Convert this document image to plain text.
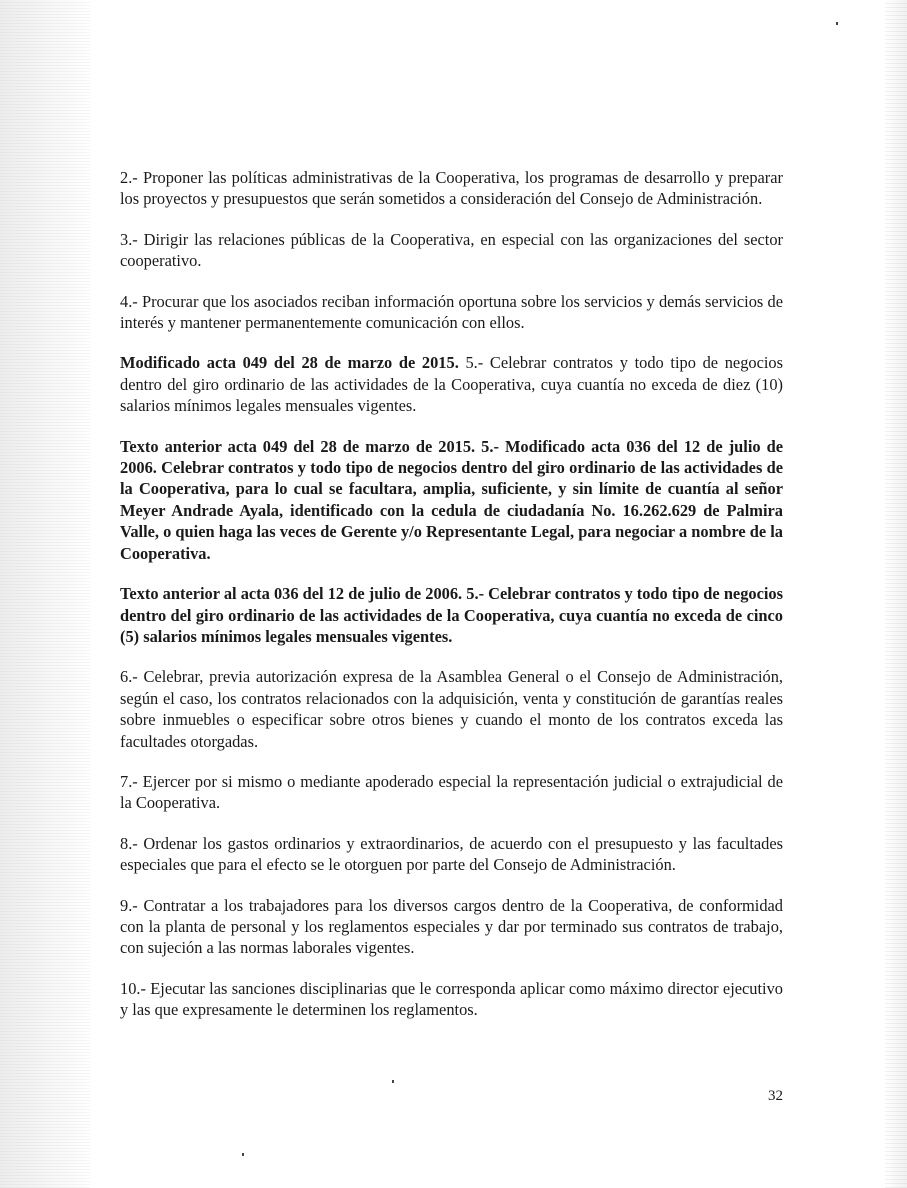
2.- Proponer las políticas administrativas de la Cooperativa, los programas de desarrollo y preparar los proyectos y presupuestos que serán sometidos a consideración del Consejo de Administración.

3.- Dirigir las relaciones públicas de la Cooperativa, en especial con las organizaciones del sector cooperativo.

4.- Procurar que los asociados reciban información oportuna sobre los servicios y demás servicios de interés y mantener permanentemente comunicación con ellos.

Modificado acta 049 del 28 de marzo de 2015. 5.- Celebrar contratos y todo tipo de negocios dentro del giro ordinario de las actividades de la Cooperativa, cuya cuantía no exceda de diez (10) salarios mínimos legales mensuales vigentes.

Texto anterior acta 049 del 28 de marzo de 2015. 5.- Modificado acta 036 del 12 de julio de 2006. Celebrar contratos y todo tipo de negocios dentro del giro ordinario de las actividades de la Cooperativa, para lo cual se facultara, amplia, suficiente, y sin límite de cuantía al señor Meyer Andrade Ayala, identificado con la cedula de ciudadanía No. 16.262.629 de Palmira Valle, o quien haga las veces de Gerente y/o Representante Legal, para negociar a nombre de la Cooperativa.

Texto anterior al acta 036 del 12 de julio de 2006. 5.- Celebrar contratos y todo tipo de negocios dentro del giro ordinario de las actividades de la Cooperativa, cuya cuantía no exceda de cinco (5) salarios mínimos legales mensuales vigentes.

6.- Celebrar, previa autorización expresa de la Asamblea General o el Consejo de Administración, según el caso, los contratos relacionados con la adquisición, venta y constitución de garantías reales sobre inmuebles o especificar sobre otros bienes y cuando el monto de los contratos exceda las facultades otorgadas.

7.- Ejercer por si mismo o mediante apoderado especial la representación judicial o extrajudicial de la Cooperativa.

8.- Ordenar los gastos ordinarios y extraordinarios, de acuerdo con el presupuesto y las facultades especiales que para el efecto se le otorguen por parte del Consejo de Administración.

9.- Contratar a los trabajadores para los diversos cargos dentro de la Cooperativa, de conformidad con la planta de personal y los reglamentos especiales y dar por terminado sus contratos de trabajo, con sujeción a las normas laborales vigentes.

10.- Ejecutar las sanciones disciplinarias que le corresponda aplicar como máximo director ejecutivo y las que expresamente le determinen los reglamentos.

32
